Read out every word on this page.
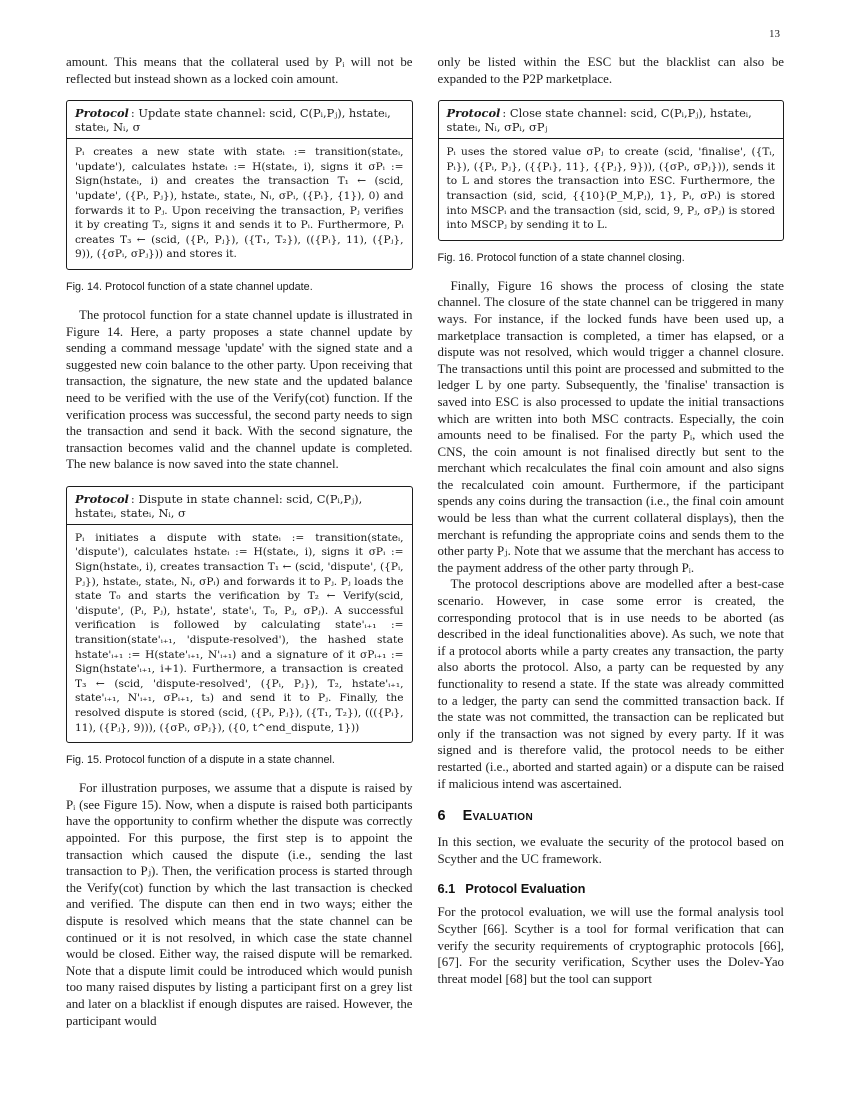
13

amount. This means that the collateral used by Pᵢ will not be reflected but instead shown as a locked coin amount.

Protocol : Update state channel: scid, C(Pᵢ,Pⱼ), hstateᵢ, stateᵢ, Nᵢ, σ
Pᵢ creates a new state with stateᵢ := transition(stateᵢ, 'update'), calculates hstateᵢ := H(stateᵢ, i), signs it σPᵢ := Sign(hstateᵢ, i) and creates the transaction T₁ ← (scid, 'update', ({Pᵢ, Pⱼ}), hstateᵢ, stateᵢ, Nᵢ, σPᵢ, ({Pᵢ}, {1}), 0) and forwards it to Pⱼ. Upon receiving the transaction, Pⱼ verifies it by creating T₂, signs it and sends it to Pᵢ. Furthermore, Pᵢ creates T₃ ← (scid, ({Pᵢ, Pⱼ}), ({T₁, T₂}), (({Pᵢ}, 11), ({Pⱼ}, 9)), ({σPᵢ, σPⱼ})) and stores it.
Fig. 14. Protocol function of a state channel update.

The protocol function for a state channel update is illustrated in Figure 14. Here, a party proposes a state channel update by sending a command message 'update' with the signed state and a suggested new coin balance to the other party. Upon receiving that transaction, the signature, the new state and the updated balance need to be verified with the use of the Verify(cot) function. If the verification process was successful, the second party needs to sign the transaction and send it back. With the second signature, the transaction becomes valid and the channel update is completed. The new balance is now saved into the state channel.

Protocol : Dispute in state channel: scid, C(Pᵢ,Pⱼ), hstateᵢ, stateᵢ, Nᵢ, σ
Pᵢ initiates a dispute with stateᵢ := transition(stateᵢ, 'dispute'), calculates hstateᵢ := H(stateᵢ, i), signs it σPᵢ := Sign(hstateᵢ, i), creates transaction T₁ ← (scid, 'dispute', ({Pᵢ, Pⱼ}), hstateᵢ, stateᵢ, Nᵢ, σPᵢ) and forwards it to Pⱼ. Pⱼ loads the state T₀ and starts the verification by T₂ ← Verify(scid, 'dispute', (Pᵢ, Pⱼ), hstate', state'ᵢ, T₀, Pⱼ, σPⱼ). A successful verification is followed by calculating state'ᵢ₊₁ := transition(state'ᵢ₊₁, 'dispute-resolved'), the hashed state hstate'ᵢ₊₁ := H(state'ᵢ₊₁, N'ᵢ₊₁) and a signature of it σPᵢ₊₁ := Sign(hstate'ᵢ₊₁, i+1). Furthermore, a transaction is created T₃ ← (scid, 'dispute-resolved', ({Pᵢ, Pⱼ}), T₂, hstate'ᵢ₊₁, state'ᵢ₊₁, N'ᵢ₊₁, σPᵢ₊₁, t₃) and send it to Pⱼ. Finally, the resolved dispute is stored (scid, ({Pᵢ, Pⱼ}), ({T₁, T₂}), ((({Pᵢ}, 11), ({Pⱼ}, 9))), ({σPᵢ, σPⱼ}), ({0, t^end_dispute, 1}))
Fig. 15. Protocol function of a dispute in a state channel.

For illustration purposes, we assume that a dispute is raised by Pᵢ (see Figure 15). Now, when a dispute is raised both participants have the opportunity to confirm whether the dispute was correctly appointed. For this purpose, the first step is to appoint the transaction which caused the dispute (i.e., sending the last transaction to Pⱼ). Then, the verification process is started through the Verify(cot) function by which the last transaction is checked and verified. The dispute can then end in two ways; either the dispute is resolved which means that the state channel can be continued or it is not resolved, in which case the state channel would be closed. Either way, the raised dispute will be remarked. Note that a dispute limit could be introduced which would punish too many raised disputes by listing a participant first on a grey list and later on a blacklist if enough disputes are raised. However, the participant would

only be listed within the ESC but the blacklist can also be expanded to the P2P marketplace.

Protocol : Close state channel: scid, C(Pᵢ,Pⱼ), hstateᵢ, stateᵢ, Nᵢ, σPᵢ, σPⱼ
Pᵢ uses the stored value σPⱼ to create (scid, 'finalise', ({Tᵢ, Pᵢ}), ({Pᵢ, Pⱼ}, ({{Pᵢ}, 11}, {{Pⱼ}, 9})), ({σPᵢ, σPⱼ})), sends it to L and stores the transaction into ESC. Furthermore, the transaction (sid, scid, {{10}(P_M,Pⱼ), 1}, Pᵢ, σPᵢ) is stored into MSCPᵢ and the transaction (sid, scid, 9, Pⱼ, σPⱼ) is stored into MSCPⱼ by sending it to L.
Fig. 16. Protocol function of a state channel closing.

Finally, Figure 16 shows the process of closing the state channel. The closure of the state channel can be triggered in many ways. For instance, if the locked funds have been used up, a marketplace transaction is completed, a timer has elapsed, or a dispute was not resolved, which would trigger a channel closure. The transactions until this point are processed and submitted to the ledger L by one party. Subsequently, the 'finalise' transaction is saved into ESC is also processed to update the initial transactions which are written into both MSC contracts. Especially, the coin amounts need to be finalised. For the party Pᵢ, which used the CNS, the coin amount is not finalised directly but sent to the merchant which recalculates the final coin amount and also signs the recalculated coin amount. Furthermore, if the participant spends any coins during the transaction (i.e., the final coin amount would be less than what the current collateral displays), then the merchant is refunding the appropriate coins and sends them to the other party Pⱼ. Note that we assume that the merchant has access to the payment address of the other party through Pᵢ.

The protocol descriptions above are modelled after a best-case scenario. However, in case some error is created, the corresponding protocol that is in use needs to be aborted (as described in the ideal functionalities above). As such, we note that if a protocol aborts while a party creates any transaction, the party also aborts the protocol. Also, a party can be requested by any functionality to resend a state. If the state was already committed to a ledger, the party can send the committed transaction back. If the state was not committed, the transaction can be replicated but only if the transaction was not signed by every party. If it was signed and is therefore valid, the protocol needs to be either restarted (i.e., aborted and started again) or a dispute can be raised if malicious intend was ascertained.

6 Evaluation

In this section, we evaluate the security of the protocol based on Scyther and the UC framework.

6.1 Protocol Evaluation

For the protocol evaluation, we will use the formal analysis tool Scyther [66]. Scyther is a tool for formal verification that can verify the security requirements of cryptographic protocols [66], [67]. For the security verification, Scyther uses the Dolev-Yao threat model [68] but the tool can support
